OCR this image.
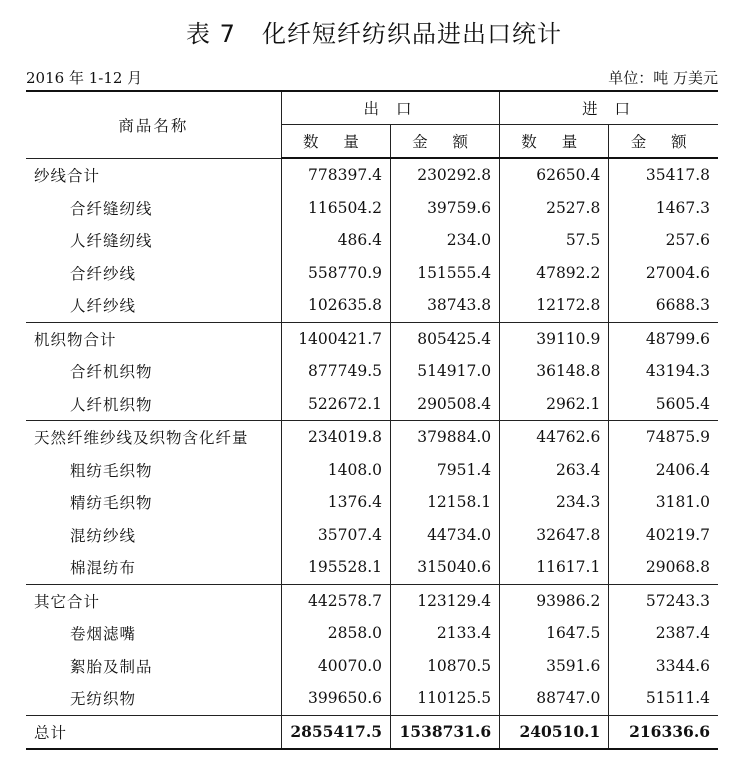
表 7 化纤短纤纺织品进出口统计
2016 年 1-12 月	单位：吨 万美元
商品名称	出 口		进 口	
	数 量	金 额	数 量	金 额
纱线合计	778397.4	230292.8	62650.4	35417.8
合纤缝纫线	116504.2	39759.6	2527.8	1467.3
人纤缝纫线	486.4	234.0	57.5	257.6
合纤纱线	558770.9	151555.4	47892.2	27004.6
人纤纱线	102635.8	38743.8	12172.8	6688.3
机织物合计	1400421.7	805425.4	39110.9	48799.6
合纤机织物	877749.5	514917.0	36148.8	43194.3
人纤机织物	522672.1	290508.4	2962.1	5605.4
天然纤维纱线及织物含化纤量	234019.8	379884.0	44762.6	74875.9
粗纺毛织物	1408.0	7951.4	263.4	2406.4
精纺毛织物	1376.4	12158.1	234.3	3181.0
混纺纱线	35707.4	44734.0	32647.8	40219.7
棉混纺布	195528.1	315040.6	11617.1	29068.8
其它合计	442578.7	123129.4	93986.2	57243.3
卷烟滤嘴	2858.0	2133.4	1647.5	2387.4
絮胎及制品	40070.0	10870.5	3591.6	3344.6
无纺织物	399650.6	110125.5	88747.0	51511.4
总计	2855417.5	1538731.6	240510.1	216336.6
